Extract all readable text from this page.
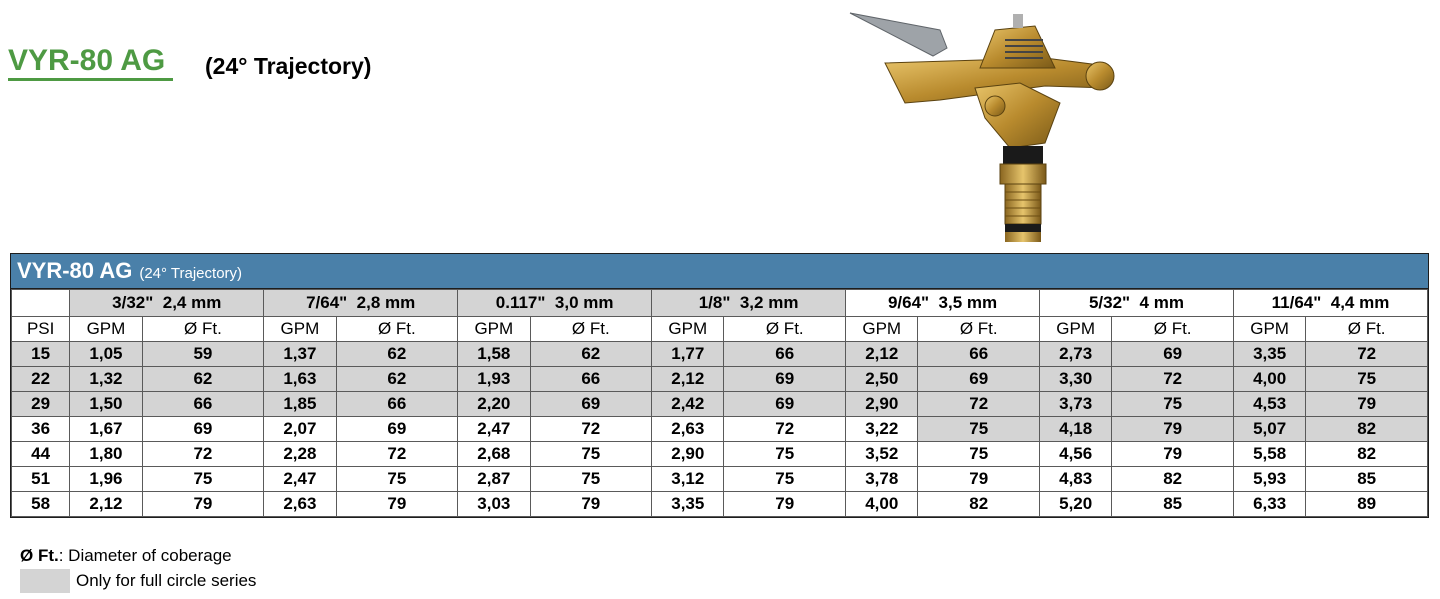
VYR-80 AG (24° Trajectory)
VYR-80 AG (24° Trajectory)
	3/32"  2,4 mm		7/64"  2,8 mm		0.117"  3,0 mm		1/8"  3,2 mm		9/64"  3,5 mm		5/32"  4 mm		11/64"  4,4 mm	
PSI	GPM	Ø Ft.	GPM	Ø Ft.	GPM	Ø Ft.	GPM	Ø Ft.	GPM	Ø Ft.	GPM	Ø Ft.	GPM	Ø Ft.
15	1,05	59	1,37	62	1,58	62	1,77	66	2,12	66	2,73	69	3,35	72
22	1,32	62	1,63	62	1,93	66	2,12	69	2,50	69	3,30	72	4,00	75
29	1,50	66	1,85	66	2,20	69	2,42	69	2,90	72	3,73	75	4,53	79
36	1,67	69	2,07	69	2,47	72	2,63	72	3,22	75	4,18	79	5,07	82
44	1,80	72	2,28	72	2,68	75	2,90	75	3,52	75	4,56	79	5,58	82
51	1,96	75	2,47	75	2,87	75	3,12	75	3,78	79	4,83	82	5,93	85
58	2,12	79	2,63	79	3,03	79	3,35	79	4,00	82	5,20	85	6,33	89
Ø Ft.: Diameter of coberage
Only for full circle series
